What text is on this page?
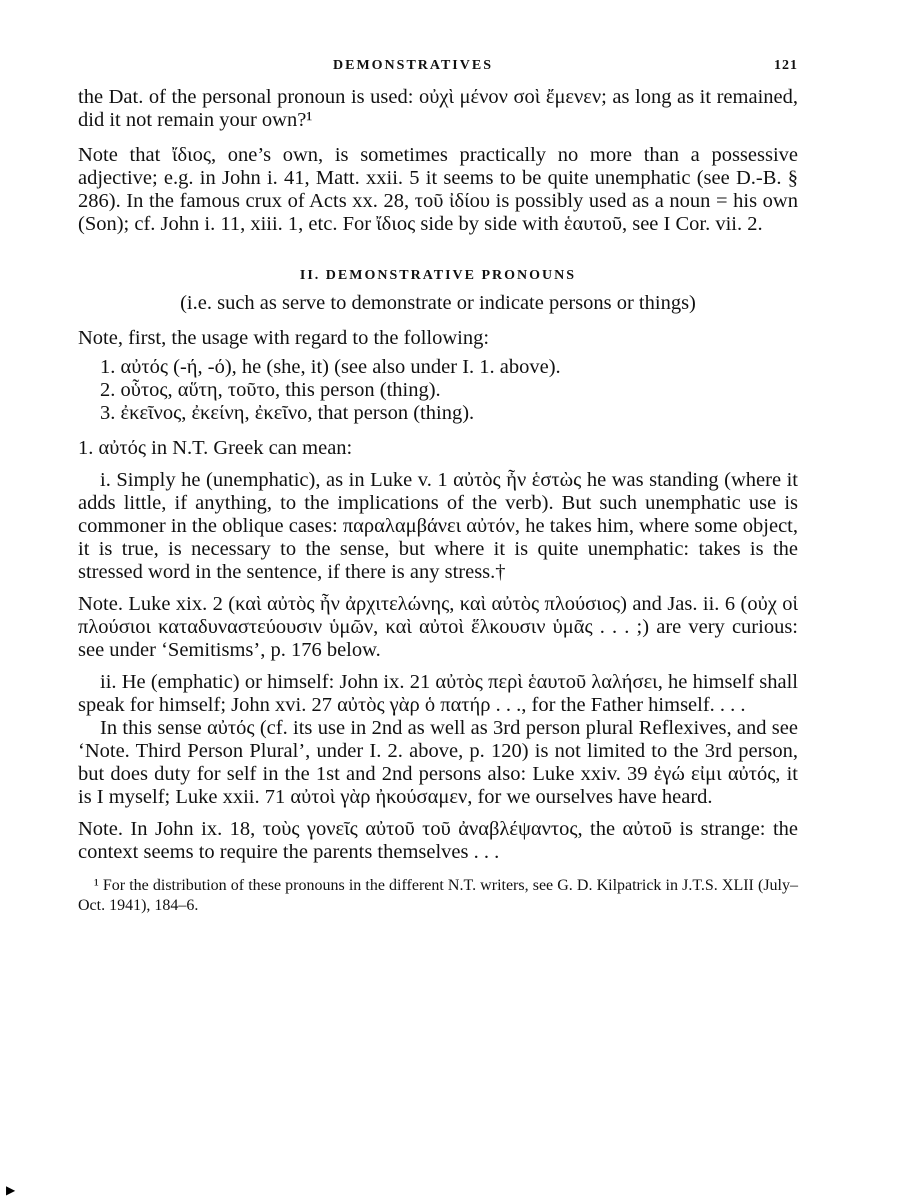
DEMONSTRATIVES	121

the Dat. of the personal pronoun is used: οὐχὶ μένον σοὶ ἔμενεν; as long as it remained, did it not remain your own?¹

Note that ἴδιος, one’s own, is sometimes practically no more than a possessive adjective; e.g. in John i. 41, Matt. xxii. 5 it seems to be quite unemphatic (see D.-B. § 286). In the famous crux of Acts xx. 28, τοῦ ἰδίου is possibly used as a noun = his own (Son); cf. John i. 11, xiii. 1, etc. For ἴδιος side by side with ἑαυτοῦ, see I Cor. vii. 2.

II. DEMONSTRATIVE PRONOUNS

(i.e. such as serve to demonstrate or indicate persons or things)

Note, first, the usage with regard to the following:

1. αὐτός (-ή, -ό), he (she, it) (see also under I. 1. above).
2. οὗτος, αὕτη, τοῦτο, this person (thing).
3. ἐκεῖνος, ἐκείνη, ἐκεῖνο, that person (thing).

1. αὐτός in N.T. Greek can mean:

i. Simply he (unemphatic), as in Luke v. 1 αὐτὸς ἦν ἑστὼς he was standing (where it adds little, if anything, to the implications of the verb). But such unemphatic use is commoner in the oblique cases: παραλαμβάνει αὐτόν, he takes him, where some object, it is true, is necessary to the sense, but where it is quite unemphatic: takes is the stressed word in the sentence, if there is any stress.†

Note. Luke xix. 2 (καὶ αὐτὸς ἦν ἀρχιτελώνης, καὶ αὐτὸς πλούσιος) and Jas. ii. 6 (οὐχ οἱ πλούσιοι καταδυναστεύουσιν ὑμῶν, καὶ αὐτοὶ ἕλκουσιν ὑμᾶς . . . ;) are very curious: see under ‘Semitisms’, p. 176 below.

ii. He (emphatic) or himself: John ix. 21 αὐτὸς περὶ ἑαυτοῦ λαλήσει, he himself shall speak for himself; John xvi. 27 αὐτὸς γὰρ ὁ πατήρ . . ., for the Father himself. . . .

In this sense αὐτός (cf. its use in 2nd as well as 3rd person plural Reflexives, and see ‘Note. Third Person Plural’, under I. 2. above, p. 120) is not limited to the 3rd person, but does duty for self in the 1st and 2nd persons also: Luke xxiv. 39 ἐγώ εἰμι αὐτός, it is I myself; Luke xxii. 71 αὐτοὶ γὰρ ἠκούσαμεν, for we ourselves have heard.

Note. In John ix. 18, τοὺς γονεῖς αὐτοῦ τοῦ ἀναβλέψαντος, the αὐτοῦ is strange: the context seems to require the parents themselves . . .

¹ For the distribution of these pronouns in the different N.T. writers, see G. D. Kilpatrick in J.T.S. XLII (July–Oct. 1941), 184–6.

▶
